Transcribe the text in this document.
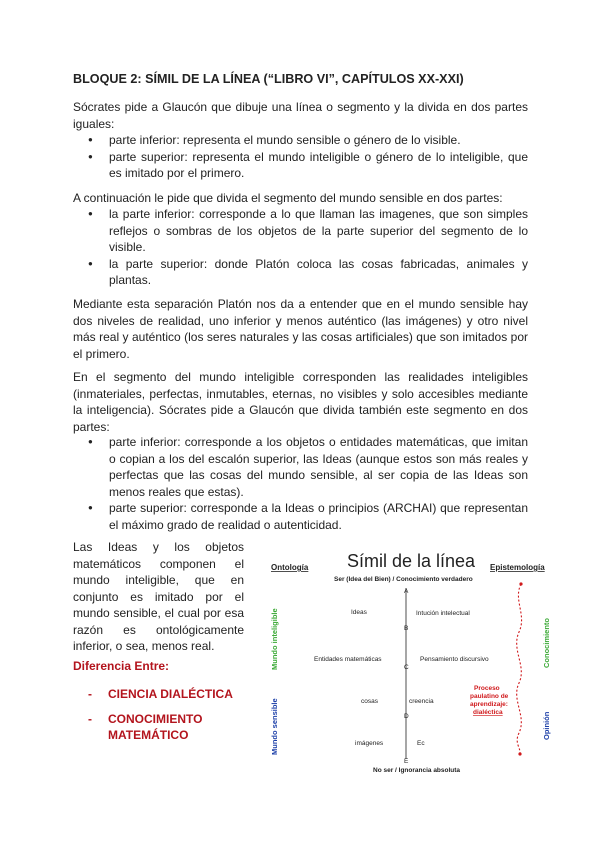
BLOQUE 2: SÍMIL DE LA LÍNEA (“LIBRO VI”, CAPÍTULOS XX-XXI)

Sócrates pide a Glaucón que dibuje una línea o segmento y la divida en dos partes iguales:

● parte inferior: representa el mundo sensible o género de lo visible.
● parte superior: representa el mundo inteligible o género de lo inteligible, que es imitado por el primero.

A continuación le pide que divida el segmento del mundo sensible en dos partes:

● la parte inferior: corresponde a lo que llaman las imagenes, que son simples reflejos o sombras de los objetos de la parte superior del segmento de lo visible.
● la parte superior: donde Platón coloca las cosas fabricadas, animales y plantas.

Mediante esta separación Platón nos da a entender que en el mundo sensible hay dos niveles de realidad, uno inferior y menos auténtico (las imágenes) y otro nivel más real y auténtico (los seres naturales y las cosas artificiales) que son imitados por el primero.

En el segmento del mundo inteligible corresponden las realidades inteligibles (inmateriales, perfectas, inmutables, eternas, no visibles y solo accesibles mediante la inteligencia). Sócrates pide a Glaucón que divida también este segmento en dos partes:

● parte inferior: corresponde a los objetos o entidades matemáticas, que imitan o copian a los del escalón superior, las Ideas (aunque estos son más reales y perfectas que las cosas del mundo sensible, al ser copia de las Ideas son menos reales que estas).
● parte superior: corresponde a la Ideas o principios (ARCHAI) que representan el máximo grado de realidad o autenticidad.

Las Ideas y los objetos matemáticos componen el mundo inteligible, que en conjunto es imitado por el mundo sensible, el cual por esa razón es ontológicamente inferior, o sea, menos real.

Diferencia Entre:
- CIENCIA DIALÉCTICA
- CONOCIMIENTO MATEMÁTICO
Símil de la línea
Ontología	Epistemología
Ser (Idea del Bien) / Conocimiento verdadero
A
B
C
D
E
Ideas	Intución intelectual
Entidades matemáticas	Pensamiento discursivo
cosas	creencia
imágenes	Ec
No ser / Ignorancia absoluta
Mundo inteligible
Mundo sensible
Conocimiento
Opinión
Proceso
paulatino de
aprendizaje:
dialéctica
